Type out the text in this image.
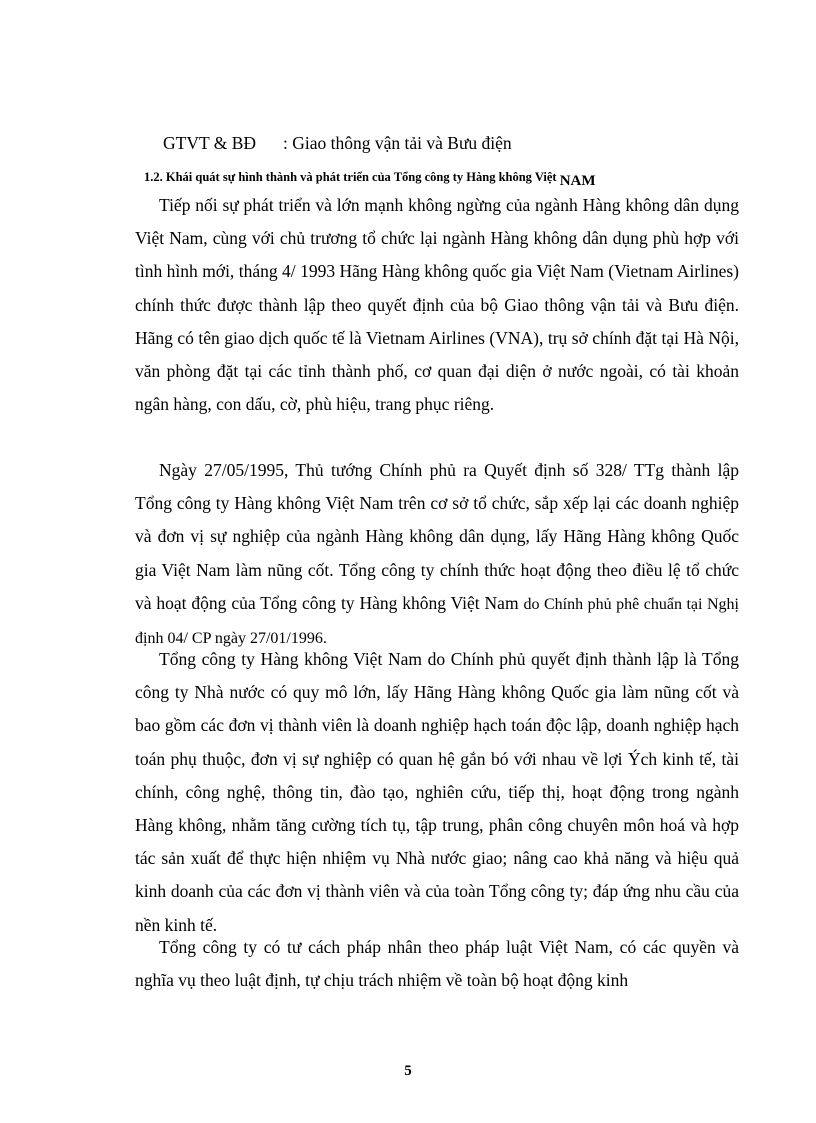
GTVT & BĐ : Giao thông vận tải và Bưu điện
1.2. Khái quát sự hình thành và phát triển của Tổng công ty Hàng không Việt NAM

Tiếp nối sự phát triển và lớn mạnh không ngừng của ngành Hàng không dân dụng Việt Nam, cùng với chủ trương tổ chức lại ngành Hàng không dân dụng phù hợp với tình hình mới, tháng 4/ 1993 Hãng Hàng không quốc gia Việt Nam (Vietnam Airlines) chính thức được thành lập theo quyết định của bộ Giao thông vận tải và Bưu điện. Hãng có tên giao dịch quốc tế là Vietnam Airlines (VNA), trụ sở chính đặt tại Hà Nội, văn phòng đặt tại các tỉnh thành phố, cơ quan đại diện ở nước ngoài, có tài khoản ngân hàng, con dấu, cờ, phù hiệu, trang phục riêng.

Ngày 27/05/1995, Thủ tướng Chính phủ ra Quyết định số 328/ TTg thành lập Tổng công ty Hàng không Việt Nam trên cơ sở tổ chức, sắp xếp lại các doanh nghiệp và đơn vị sự nghiệp của ngành Hàng không dân dụng, lấy Hãng Hàng không Quốc gia Việt Nam làm nũng cốt. Tổng công ty chính thức hoạt động theo điều lệ tổ chức và hoạt động của Tổng công ty Hàng không Việt Nam do Chính phủ phê chuẩn tại Nghị định 04/ CP ngày 27/01/1996.

Tổng công ty Hàng không Việt Nam do Chính phủ quyết định thành lập là Tổng công ty Nhà nước có quy mô lớn, lấy Hãng Hàng không Quốc gia làm nũng cốt và bao gồm các đơn vị thành viên là doanh nghiệp hạch toán độc lập, doanh nghiệp hạch toán phụ thuộc, đơn vị sự nghiệp có quan hệ gắn bó với nhau về lợi Ých kinh tế, tài chính, công nghệ, thông tin, đào tạo, nghiên cứu, tiếp thị, hoạt động trong ngành Hàng không, nhằm tăng cường tích tụ, tập trung, phân công chuyên môn hoá và hợp tác sản xuất để thực hiện nhiệm vụ Nhà nước giao; nâng cao khả năng và hiệu quả kinh doanh của các đơn vị thành viên và của toàn Tổng công ty; đáp ứng nhu cầu của nền kinh tế.

Tổng công ty có tư cách pháp nhân theo pháp luật Việt Nam, có các quyền và nghĩa vụ theo luật định, tự chịu trách nhiệm về toàn bộ hoạt động kinh

5
